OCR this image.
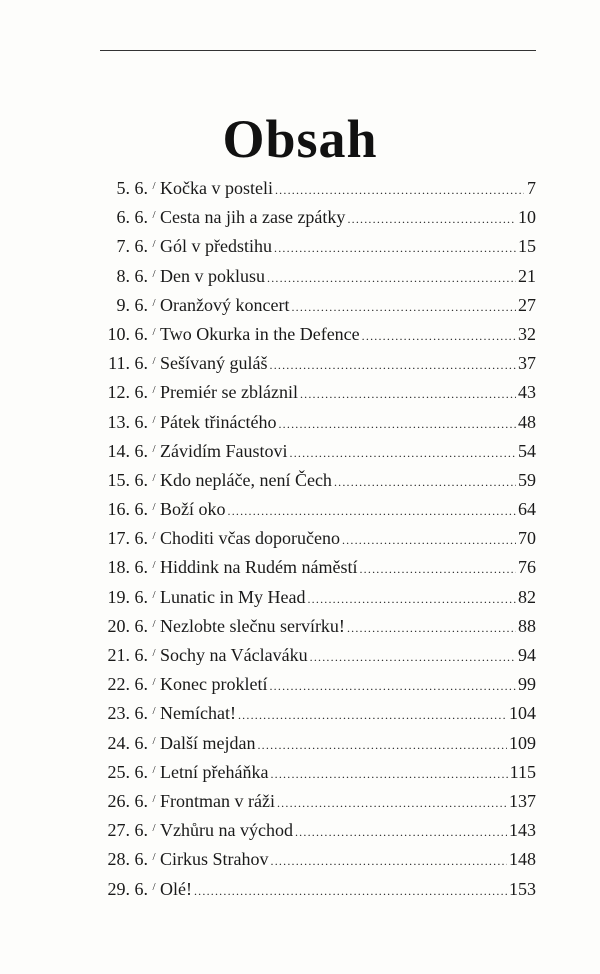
Obsah
5. 6. / Kočka v posteli .....	7
6. 6. / Cesta na jih a zase zpátky .....	10
7. 6. / Gól v předstihu .....	15
8. 6. / Den v poklusu .....	21
9. 6. / Oranžový koncert .....	27
10. 6. / Two Okurka in the Defence .....	32
11. 6. / Sešívaný guláš .....	37
12. 6. / Premiér se zbláznil .....	43
13. 6. / Pátek třináctého .....	48
14. 6. / Závidím Faustovi .....	54
15. 6. / Kdo nepláče, není Čech .....	59
16. 6. / Boží oko .....	64
17. 6. / Choditi včas doporučeno .....	70
18. 6. / Hiddink na Rudém náměstí .....	76
19. 6. / Lunatic in My Head .....	82
20. 6. / Nezlobte slečnu servírku! .....	88
21. 6. / Sochy na Václaváku .....	94
22. 6. / Konec prokletí .....	99
23. 6. / Nemíchat! .....	104
24. 6. / Další mejdan .....	109
25. 6. / Letní přeháňka .....	115
26. 6. / Frontman v ráži .....	137
27. 6. / Vzhůru na východ .....	143
28. 6. / Cirkus Strahov .....	148
29. 6. / Olé! .....	153
